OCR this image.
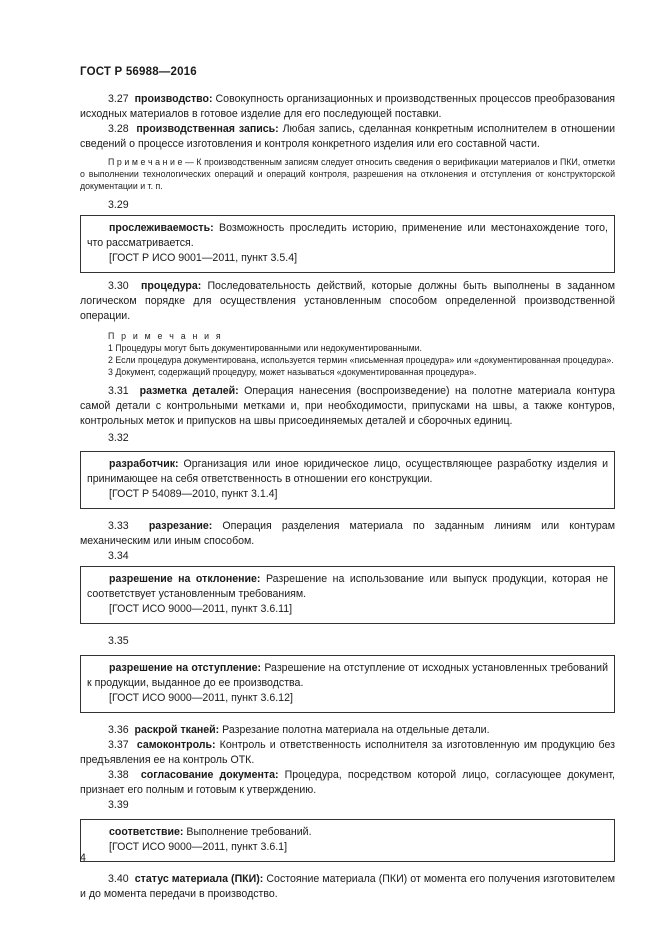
ГОСТ Р 56988—2016

3.27 производство: Совокупность организационных и производственных процессов преобразования исходных материалов в готовое изделие для его последующей поставки.

3.28 производственная запись: Любая запись, сделанная конкретным исполнителем в отношении сведений о процессе изготовления и контроля конкретного изделия или его составной части.

П р и м е ч а н и е — К производственным записям следует относить сведения о верификации материалов и ПКИ, отметки о выполнении технологических операций и операций контроля, разрешения на отклонения и отступления от конструкторской документации и т. п.

3.29

прослеживаемость: Возможность проследить историю, применение или местонахождение того, что рассматривается.

[ГОСТ Р ИСО 9001—2011, пункт 3.5.4]

3.30 процедура: Последовательность действий, которые должны быть выполнены в заданном логическом порядке для осуществления установленным способом определенной производственной операции.

П р и м е ч а н и я

1 Процедуры могут быть документированными или недокументированными.

2 Если процедура документирована, используется термин «письменная процедура» или «документированная процедура».

3 Документ, содержащий процедуру, может называться «документированная процедура».

3.31 разметка деталей: Операция нанесения (воспроизведение) на полотне материала контура самой детали с контрольными метками и, при необходимости, припусками на швы, а также контуров, контрольных меток и припусков на швы присоединяемых деталей и сборочных единиц.

3.32

разработчик: Организация или иное юридическое лицо, осуществляющее разработку изделия и принимающее на себя ответственность в отношении его конструкции.

[ГОСТ Р 54089—2010, пункт 3.1.4]

3.33 разрезание: Операция разделения материала по заданным линиям или контурам механическим или иным способом.

3.34

разрешение на отклонение: Разрешение на использование или выпуск продукции, которая не соответствует установленным требованиям.

[ГОСТ ИСО 9000—2011, пункт 3.6.11]

3.35

разрешение на отступление: Разрешение на отступление от исходных установленных требований к продукции, выданное до ее производства.

[ГОСТ ИСО 9000—2011, пункт 3.6.12]

3.36 раскрой тканей: Разрезание полотна материала на отдельные детали.

3.37 самоконтроль: Контроль и ответственность исполнителя за изготовленную им продукцию без предъявления ее на контроль ОТК.

3.38 согласование документа: Процедура, посредством которой лицо, согласующее документ, признает его полным и готовым к утверждению.

3.39

соответствие: Выполнение требований.

[ГОСТ ИСО 9000—2011, пункт 3.6.1]

3.40 статус материала (ПКИ): Состояние материала (ПКИ) от момента его получения изготовителем и до момента передачи в производство.

4
